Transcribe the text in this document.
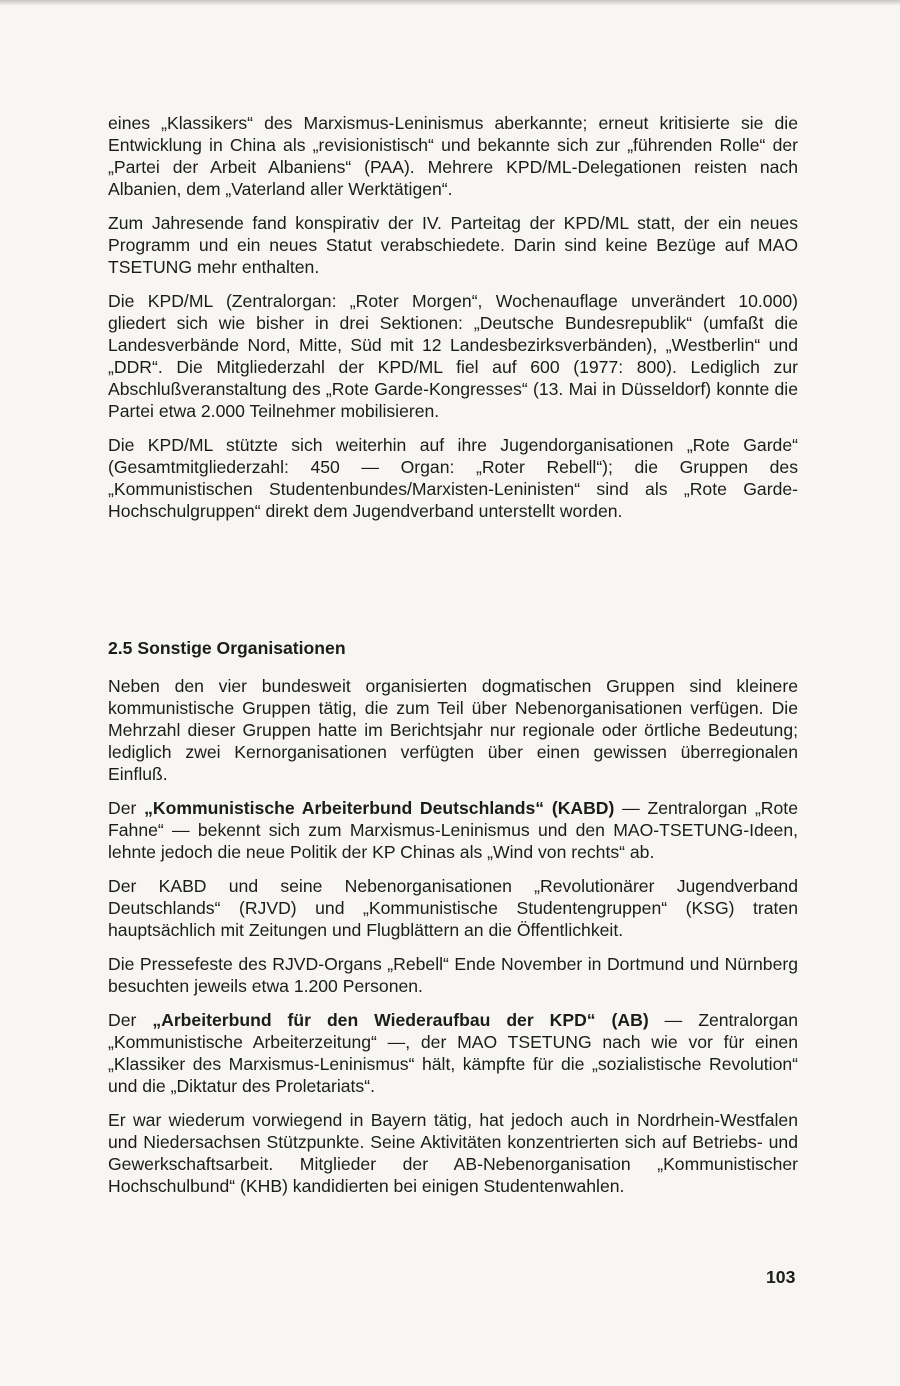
eines „Klassikers“ des Marxismus-Leninismus aberkannte; erneut kritisierte sie die Entwicklung in China als „revisionistisch“ und bekannte sich zur „führenden Rolle“ der „Partei der Arbeit Albaniens“ (PAA). Mehrere KPD/ML-Delegationen reisten nach Albanien, dem „Vaterland aller Werktätigen“.

Zum Jahresende fand konspirativ der IV. Parteitag der KPD/ML statt, der ein neues Programm und ein neues Statut verabschiedete. Darin sind keine Bezüge auf MAO TSETUNG mehr enthalten.

Die KPD/ML (Zentralorgan: „Roter Morgen“, Wochenauflage unverändert 10.000) gliedert sich wie bisher in drei Sektionen: „Deutsche Bundesrepublik“ (umfaßt die Landesverbände Nord, Mitte, Süd mit 12 Landesbezirksverbänden), „Westberlin“ und „DDR“. Die Mitgliederzahl der KPD/ML fiel auf 600 (1977: 800). Lediglich zur Abschlußveranstaltung des „Rote Garde-Kongresses“ (13. Mai in Düsseldorf) konnte die Partei etwa 2.000 Teilnehmer mobilisieren.

Die KPD/ML stützte sich weiterhin auf ihre Jugendorganisationen „Rote Garde“ (Gesamtmitgliederzahl: 450 — Organ: „Roter Rebell“); die Gruppen des „Kommunistischen Studentenbundes/Marxisten-Leninisten“ sind als „Rote Garde-Hochschulgruppen“ direkt dem Jugendverband unterstellt worden.

2.5 Sonstige Organisationen

Neben den vier bundesweit organisierten dogmatischen Gruppen sind kleinere kommunistische Gruppen tätig, die zum Teil über Nebenorganisationen verfügen. Die Mehrzahl dieser Gruppen hatte im Berichtsjahr nur regionale oder örtliche Bedeutung; lediglich zwei Kernorganisationen verfügten über einen gewissen überregionalen Einfluß.

Der „Kommunistische Arbeiterbund Deutschlands“ (KABD) — Zentralorgan „Rote Fahne“ — bekennt sich zum Marxismus-Leninismus und den MAO-TSETUNG-Ideen, lehnte jedoch die neue Politik der KP Chinas als „Wind von rechts“ ab.

Der KABD und seine Nebenorganisationen „Revolutionärer Jugendverband Deutschlands“ (RJVD) und „Kommunistische Studentengruppen“ (KSG) traten hauptsächlich mit Zeitungen und Flugblättern an die Öffentlichkeit.

Die Pressefeste des RJVD-Organs „Rebell“ Ende November in Dortmund und Nürnberg besuchten jeweils etwa 1.200 Personen.

Der „Arbeiterbund für den Wiederaufbau der KPD“ (AB) — Zentralorgan „Kommunistische Arbeiterzeitung“ —, der MAO TSETUNG nach wie vor für einen „Klassiker des Marxismus-Leninismus“ hält, kämpfte für die „sozialistische Revolution“ und die „Diktatur des Proletariats“.

Er war wiederum vorwiegend in Bayern tätig, hat jedoch auch in Nordrhein-Westfalen und Niedersachsen Stützpunkte. Seine Aktivitäten konzentrierten sich auf Betriebs- und Gewerkschaftsarbeit. Mitglieder der AB-Nebenorganisation „Kommunistischer Hochschulbund“ (KHB) kandidierten bei einigen Studentenwahlen.

103
